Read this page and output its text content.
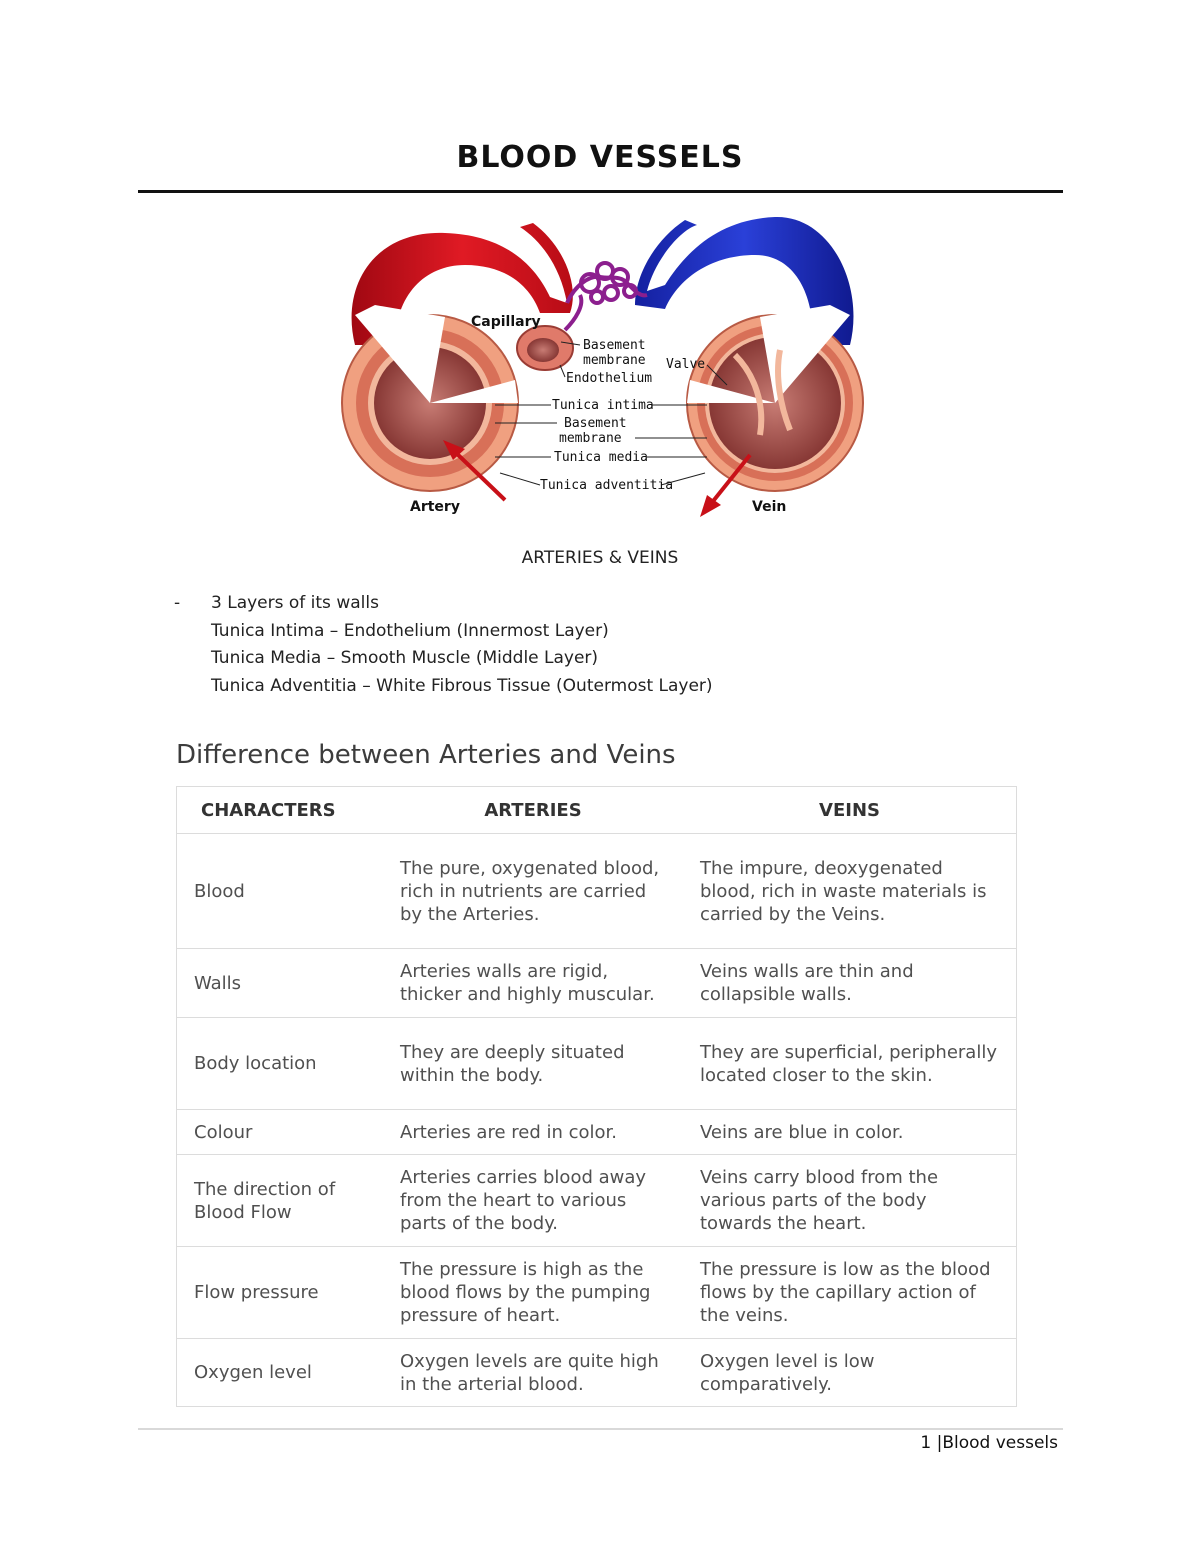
BLOOD VESSELS
Capillary
Basement
membrane
Endothelium
Valve
Tunica intima
Basement
membrane
Tunica media
Tunica adventitia
Artery	Vein
ARTERIES & VEINS
- 3 Layers of its walls
Tunica Intima – Endothelium (Innermost Layer)
Tunica Media – Smooth Muscle (Middle Layer)
Tunica Adventitia – White Fibrous Tissue (Outermost Layer)
Difference between Arteries and Veins
CHARACTERS	ARTERIES	VEINS
Blood	The pure, oxygenated blood, rich in nutrients are carried by the Arteries.	The impure, deoxygenated blood, rich in waste materials is carried by the Veins.
Walls	Arteries walls are rigid, thicker and highly muscular.	Veins walls are thin and collapsible walls.
Body location	They are deeply situated within the body.	They are superficial, peripherally located closer to the skin.
Colour	Arteries are red in color.	Veins are blue in color.
The direction of Blood Flow	Arteries carries blood away from the heart to various parts of the body.	Veins carry blood from the various parts of the body towards the heart.
Flow pressure	The pressure is high as the blood flows by the pumping pressure of heart.	The pressure is low as the blood flows by the capillary action of the veins.
Oxygen level	Oxygen levels are quite high in the arterial blood.	Oxygen level is low comparatively.
1 |Blood vessels
